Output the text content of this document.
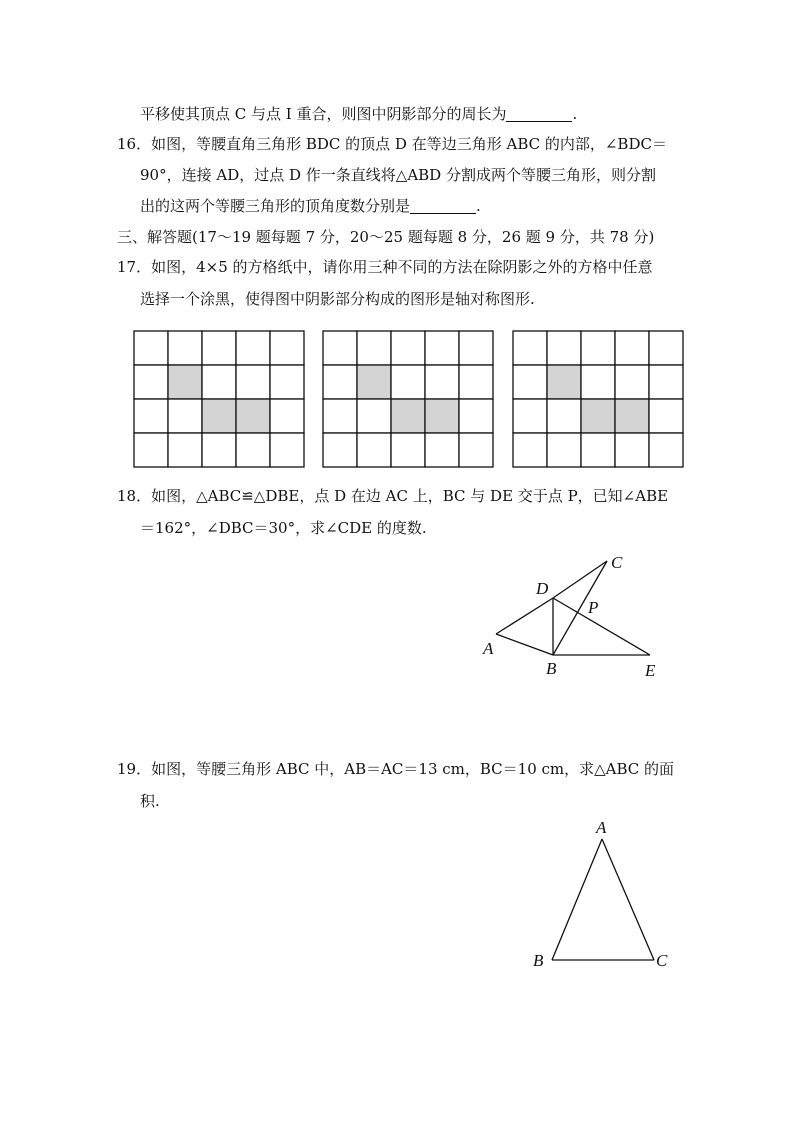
平移使其顶点 C 与点 I 重合，则图中阴影部分的周长为	.
16．如图，等腰直角三角形 BDC 的顶点 D 在等边三角形 ABC 的内部，∠BDC＝
90°，连接 AD，过点 D 作一条直线将△ABD 分割成两个等腰三角形，则分割
出的这两个等腰三角形的顶角度数分别是	.
三、解答题(17～19 题每题 7 分，20～25 题每题 8 分，26 题 9 分，共 78 分)
17．如图，4×5 的方格纸中，请你用三种不同的方法在除阴影之外的方格中任意
选择一个涂黑，使得图中阴影部分构成的图形是轴对称图形.
18．如图，△ABC≌△DBE，点 D 在边 AC 上，BC 与 DE 交于点 P，已知∠ABE
＝162°，∠DBC＝30°，求∠CDE 的度数.
A
B
C
D
E
P
19．如图，等腰三角形 ABC 中，AB＝AC＝13 cm，BC＝10 cm，求△ABC 的面
积.
A
B	C
